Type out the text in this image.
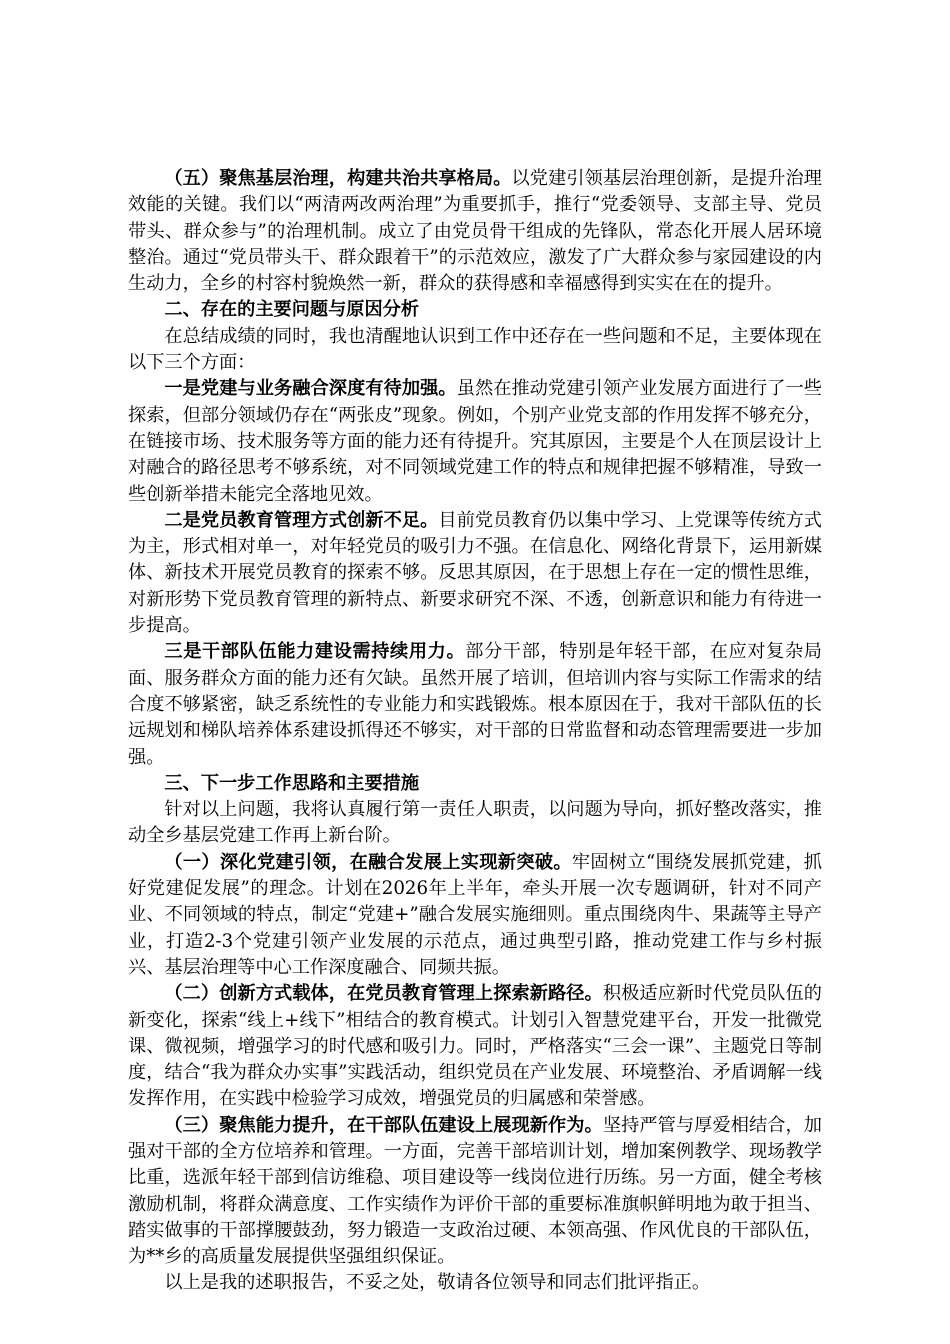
（五）聚焦基层治理，构建共治共享格局。以党建引领基层治理创新，是提升治理效能的关键。我们以“两清两改两治理”为重要抓手，推行“党委领导、支部主导、党员带头、群众参与”的治理机制。成立了由党员骨干组成的先锋队，常态化开展人居环境整治。通过“党员带头干、群众跟着干”的示范效应，激发了广大群众参与家园建设的内生动力，全乡的村容村貌焕然一新，群众的获得感和幸福感得到实实在在的提升。

二、存在的主要问题与原因分析

在总结成绩的同时，我也清醒地认识到工作中还存在一些问题和不足，主要体现在以下三个方面：

一是党建与业务融合深度有待加强。虽然在推动党建引领产业发展方面进行了一些探索，但部分领域仍存在“两张皮”现象。例如，个别产业党支部的作用发挥不够充分，在链接市场、技术服务等方面的能力还有待提升。究其原因，主要是个人在顶层设计上对融合的路径思考不够系统，对不同领域党建工作的特点和规律把握不够精准，导致一些创新举措未能完全落地见效。

二是党员教育管理方式创新不足。目前党员教育仍以集中学习、上党课等传统方式为主，形式相对单一，对年轻党员的吸引力不强。在信息化、网络化背景下，运用新媒体、新技术开展党员教育的探索不够。反思其原因，在于思想上存在一定的惯性思维，对新形势下党员教育管理的新特点、新要求研究不深、不透，创新意识和能力有待进一步提高。

三是干部队伍能力建设需持续用力。部分干部，特别是年轻干部，在应对复杂局面、服务群众方面的能力还有欠缺。虽然开展了培训，但培训内容与实际工作需求的结合度不够紧密，缺乏系统性的专业能力和实践锻炼。根本原因在于，我对干部队伍的长远规划和梯队培养体系建设抓得还不够实，对干部的日常监督和动态管理需要进一步加强。

三、下一步工作思路和主要措施

针对以上问题，我将认真履行第一责任人职责，以问题为导向，抓好整改落实，推动全乡基层党建工作再上新台阶。

（一）深化党建引领，在融合发展上实现新突破。牢固树立“围绕发展抓党建，抓好党建促发展”的理念。计划在2026年上半年，牵头开展一次专题调研，针对不同产业、不同领域的特点，制定“党建+”融合发展实施细则。重点围绕肉牛、果蔬等主导产业，打造2-3个党建引领产业发展的示范点，通过典型引路，推动党建工作与乡村振兴、基层治理等中心工作深度融合、同频共振。

（二）创新方式载体，在党员教育管理上探索新路径。积极适应新时代党员队伍的新变化，探索“线上+线下”相结合的教育模式。计划引入智慧党建平台，开发一批微党课、微视频，增强学习的时代感和吸引力。同时，严格落实“三会一课”、主题党日等制度，结合“我为群众办实事”实践活动，组织党员在产业发展、环境整治、矛盾调解一线发挥作用，在实践中检验学习成效，增强党员的归属感和荣誉感。

（三）聚焦能力提升，在干部队伍建设上展现新作为。坚持严管与厚爱相结合，加强对干部的全方位培养和管理。一方面，完善干部培训计划，增加案例教学、现场教学比重，选派年轻干部到信访维稳、项目建设等一线岗位进行历练。另一方面，健全考核激励机制，将群众满意度、工作实绩作为评价干部的重要标准旗帜鲜明地为敢于担当、踏实做事的干部撑腰鼓劲，努力锻造一支政治过硬、本领高强、作风优良的干部队伍，为**乡的高质量发展提供坚强组织保证。

以上是我的述职报告，不妥之处，敬请各位领导和同志们批评指正。
